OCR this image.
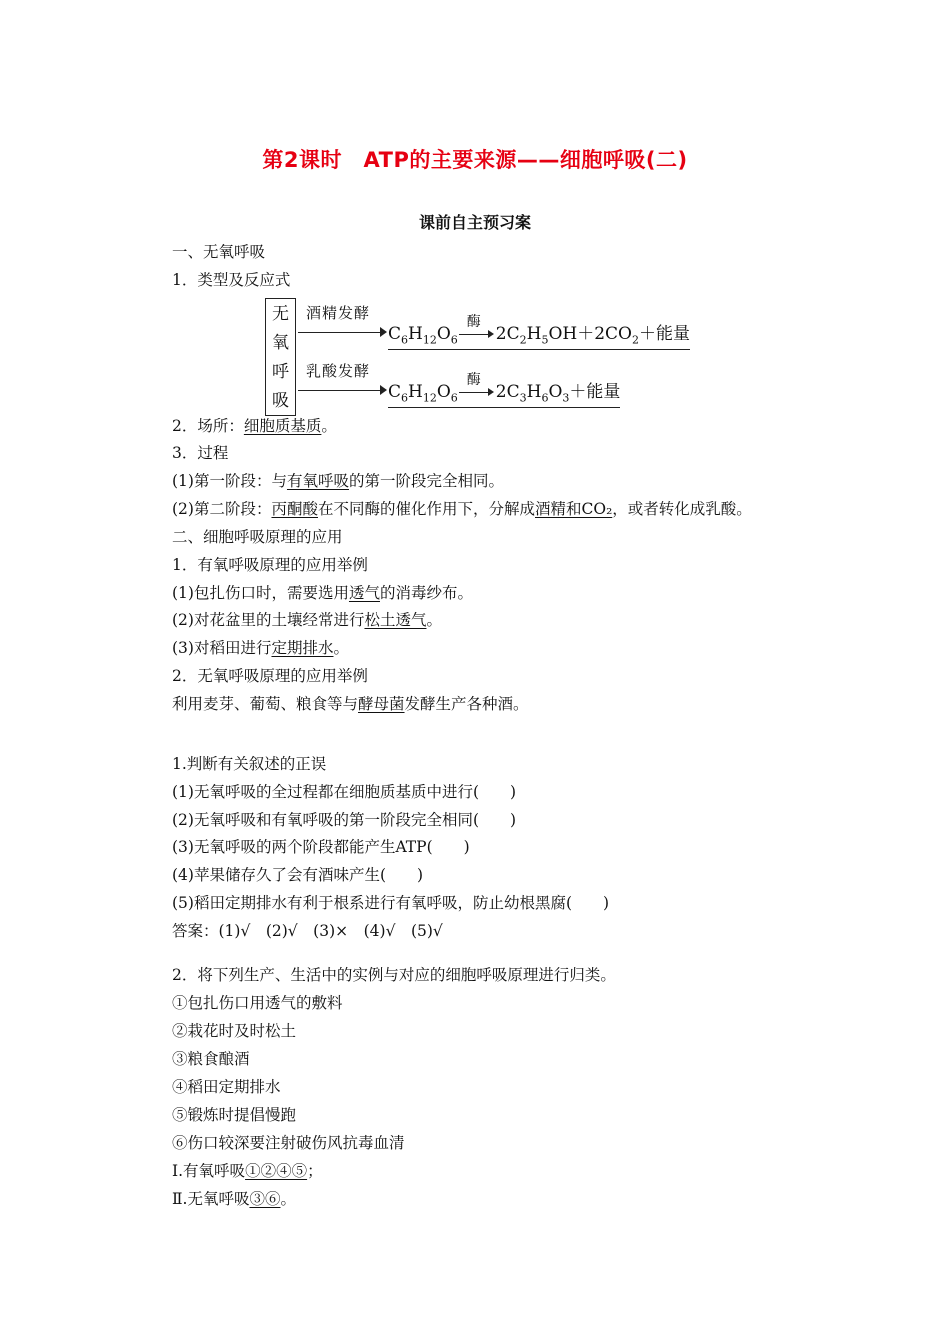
第2课时　ATP的主要来源——细胞呼吸(二)
课前自主预习案
一、无氧呼吸
1．类型及反应式
无
氧
呼
吸
酒精发酵
$C_6H_{12}O_6$
酶
$2C_2H_5OH+2CO_2+$能量
乳酸发酵
$C_6H_{12}O_6$
酶
$2C_3H_6O_3+$能量
2．场所：细胞质基质。
3．过程
(1)第一阶段：与有氧呼吸的第一阶段完全相同。
(2)第二阶段：丙酮酸在不同酶的催化作用下，分解成酒精和CO₂，或者转化成乳酸。
二、细胞呼吸原理的应用
1．有氧呼吸原理的应用举例
(1)包扎伤口时，需要选用透气的消毒纱布。
(2)对花盆里的土壤经常进行松土透气。
(3)对稻田进行定期排水。
2．无氧呼吸原理的应用举例
利用麦芽、葡萄、粮食等与酵母菌发酵生产各种酒。
1.判断有关叙述的正误
(1)无氧呼吸的全过程都在细胞质基质中进行(　　)
(2)无氧呼吸和有氧呼吸的第一阶段完全相同(　　)
(3)无氧呼吸的两个阶段都能产生ATP(　　)
(4)苹果储存久了会有酒味产生(　　)
(5)稻田定期排水有利于根系进行有氧呼吸，防止幼根黑腐(　　)
答案：(1)√　(2)√　(3)×　(4)√　(5)√
2．将下列生产、生活中的实例与对应的细胞呼吸原理进行归类。
①包扎伤口用透气的敷料
②栽花时及时松土
③粮食酿酒
④稻田定期排水
⑤锻炼时提倡慢跑
⑥伤口较深要注射破伤风抗毒血清
Ⅰ.有氧呼吸①②④⑤；
Ⅱ.无氧呼吸③⑥。
